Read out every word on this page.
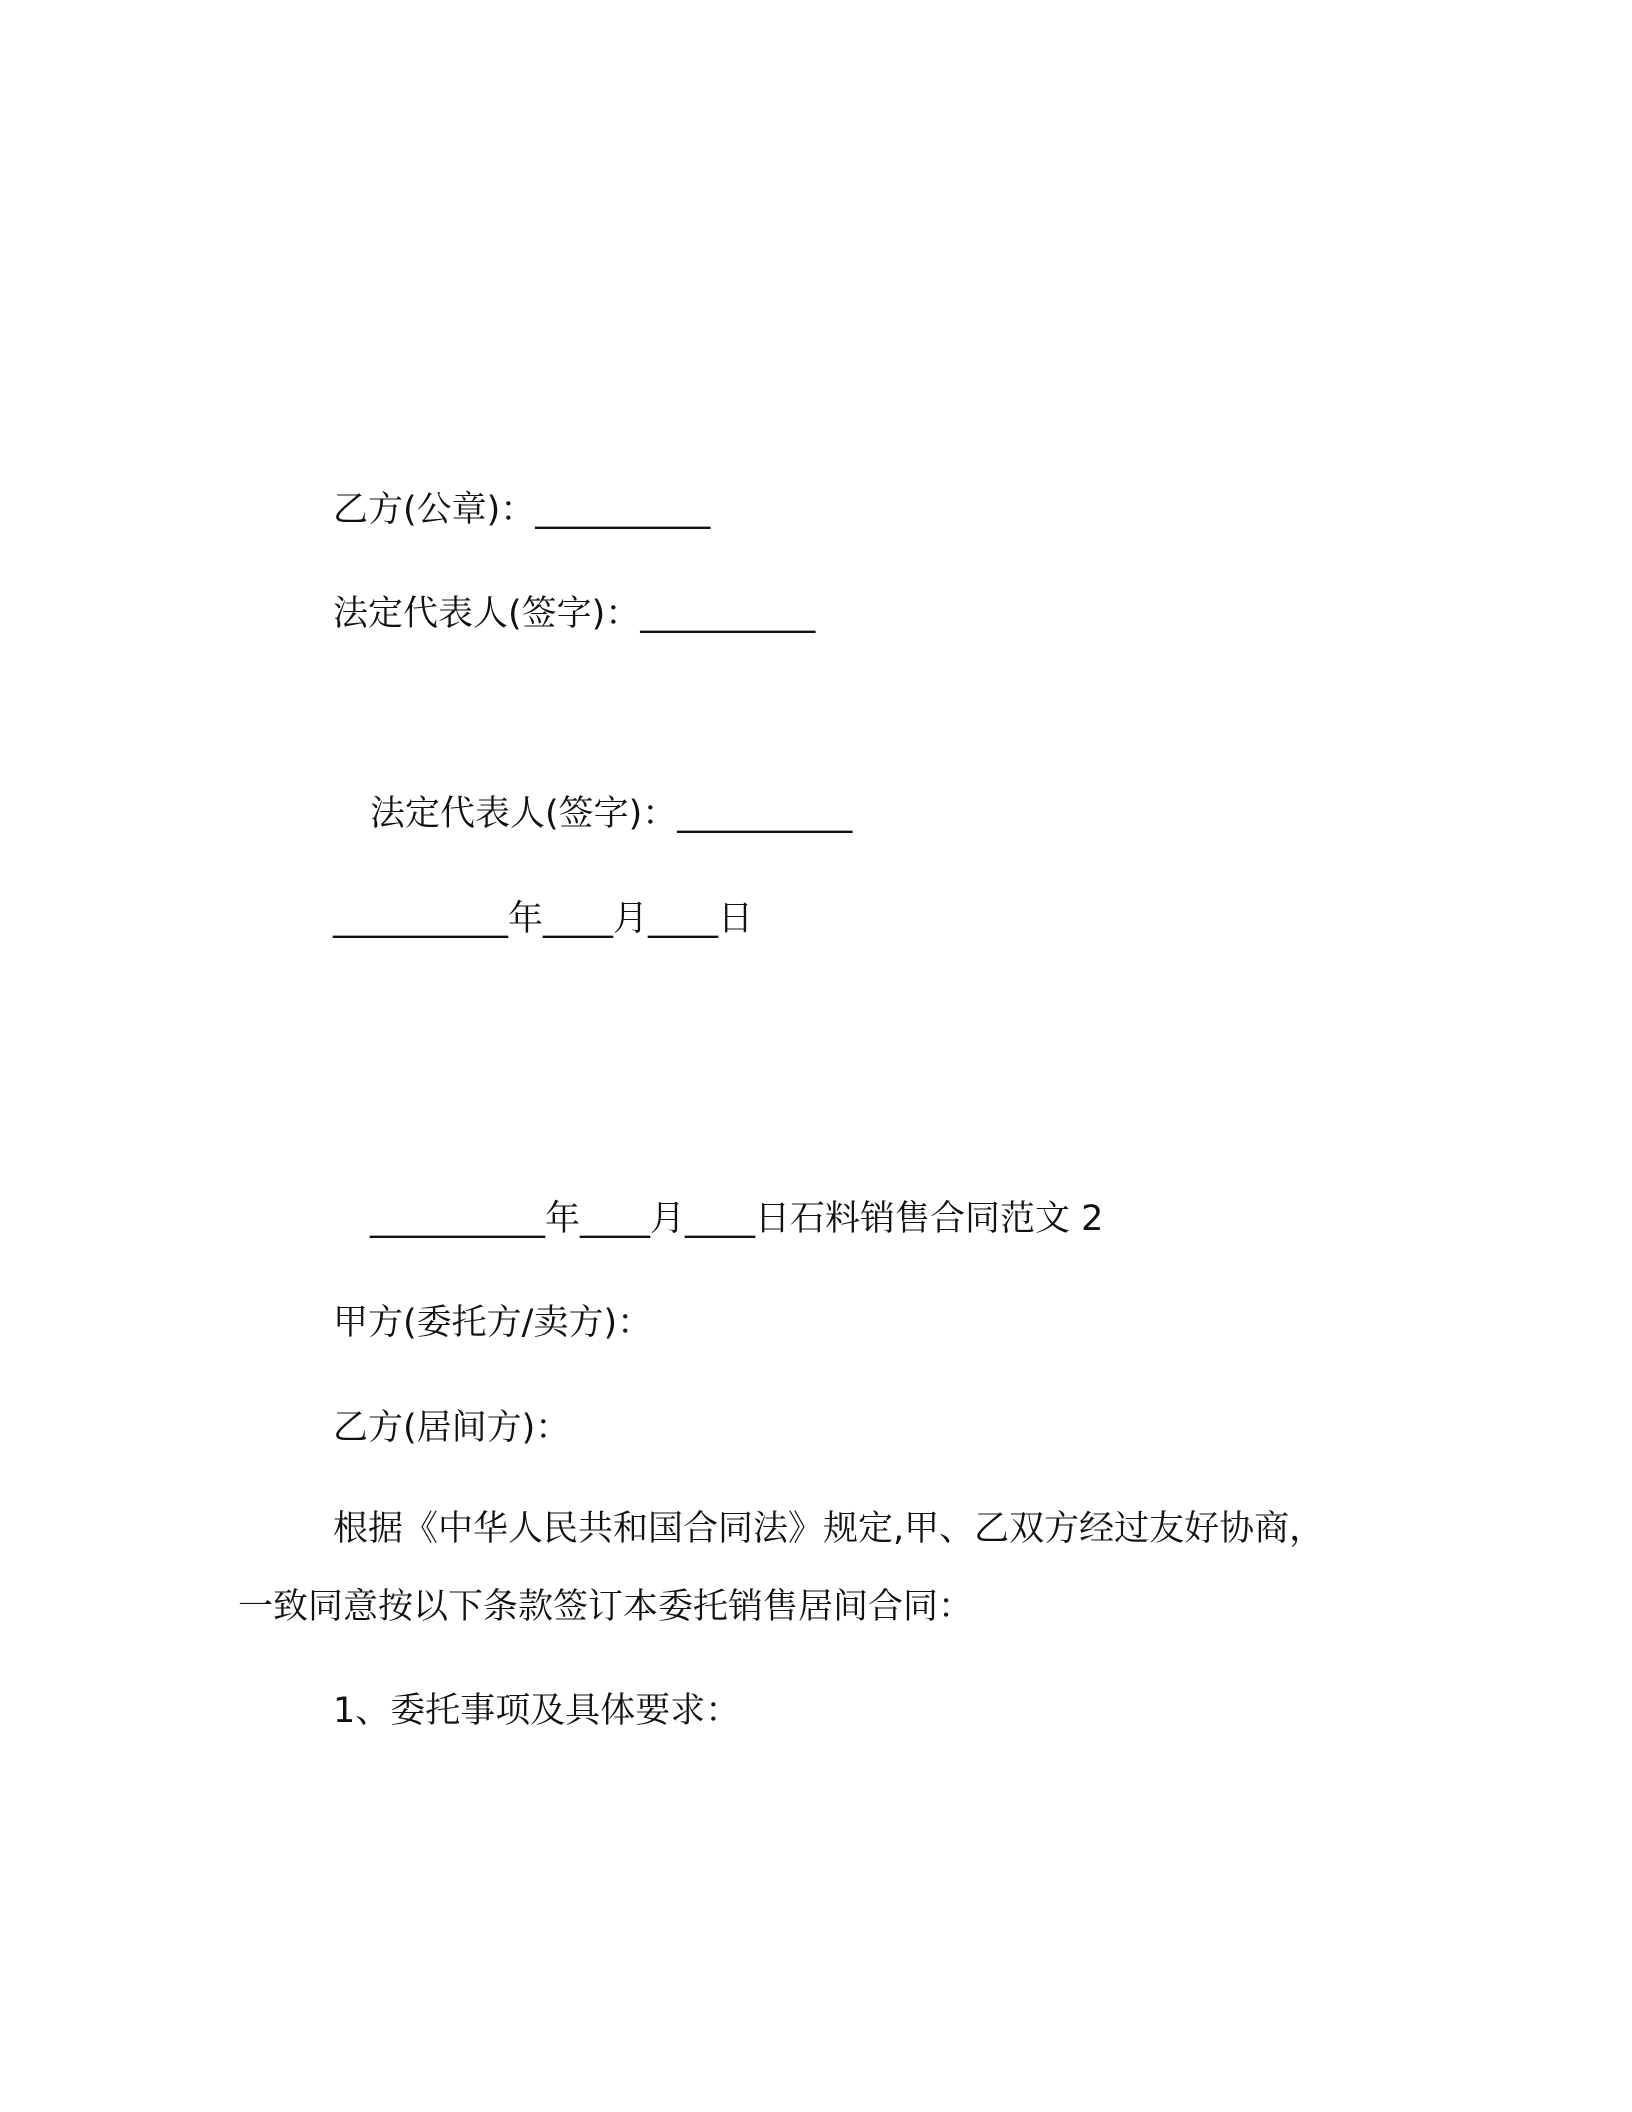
乙方(公章)：__________
法定代表人(签字)：__________
法定代表人(签字)：__________
__________年____月____日
__________年____月____日石料销售合同范文 2
甲方(委托方/卖方)：
乙方(居间方)：
根据《中华人民共和国合同法》规定,甲、乙双方经过友好协商，
一致同意按以下条款签订本委托销售居间合同：
1、委托事项及具体要求：
